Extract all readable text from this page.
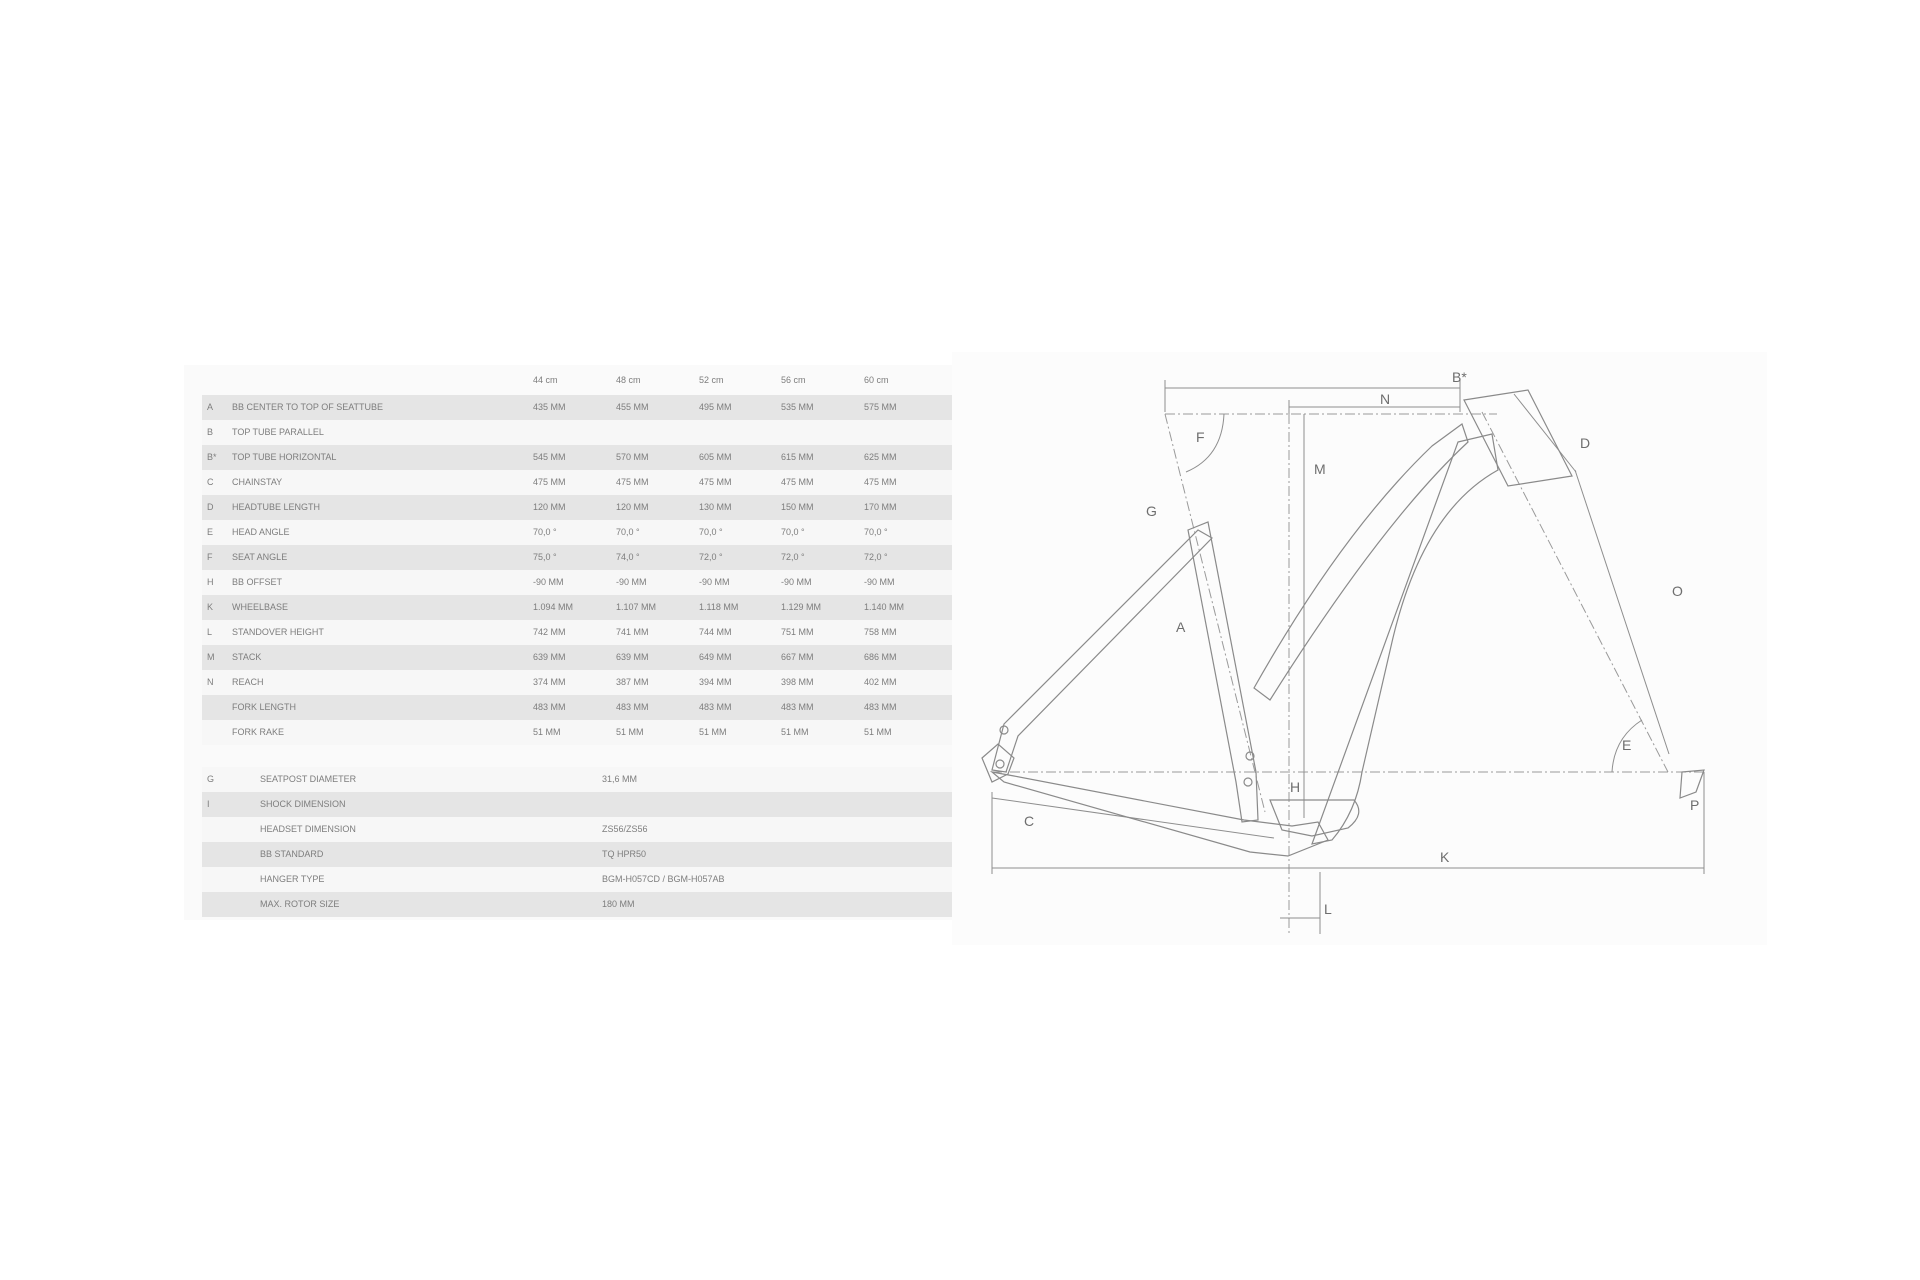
44 cm	48 cm	52 cm	56 cm	60 cm
A BB CENTER TO TOP OF SEATTUBE	435 MM	455 MM	495 MM	535 MM	575 MM
B TOP TUBE PARALLEL
B* TOP TUBE HORIZONTAL	545 MM	570 MM	605 MM	615 MM	625 MM
C CHAINSTAY	475 MM	475 MM	475 MM	475 MM	475 MM
D HEADTUBE LENGTH	120 MM	120 MM	130 MM	150 MM	170 MM
E HEAD ANGLE	70,0 °	70,0 °	70,0 °	70,0 °	70,0 °
F SEAT ANGLE	75,0 °	74,0 °	72,0 °	72,0 °	72,0 °
H BB OFFSET	-90 MM	-90 MM	-90 MM	-90 MM	-90 MM
K WHEELBASE	1.094 MM	1.107 MM	1.118 MM	1.129 MM	1.140 MM
L STANDOVER HEIGHT	742 MM	741 MM	744 MM	751 MM	758 MM
M STACK	639 MM	639 MM	649 MM	667 MM	686 MM
N REACH	374 MM	387 MM	394 MM	398 MM	402 MM
FORK LENGTH	483 MM	483 MM	483 MM	483 MM	483 MM
FORK RAKE	51 MM	51 MM	51 MM	51 MM	51 MM
G	SEATPOST DIAMETER	31,6 MM
I	SHOCK DIMENSION
HEADSET DIMENSION	ZS56/ZS56
BB STANDARD	TQ HPR50
HANGER TYPE	BGM-H057CD / BGM-H057AB
MAX. ROTOR SIZE	180 MM
B*
N
F
M
D
G
A
O
E
H
C
P
K
L
